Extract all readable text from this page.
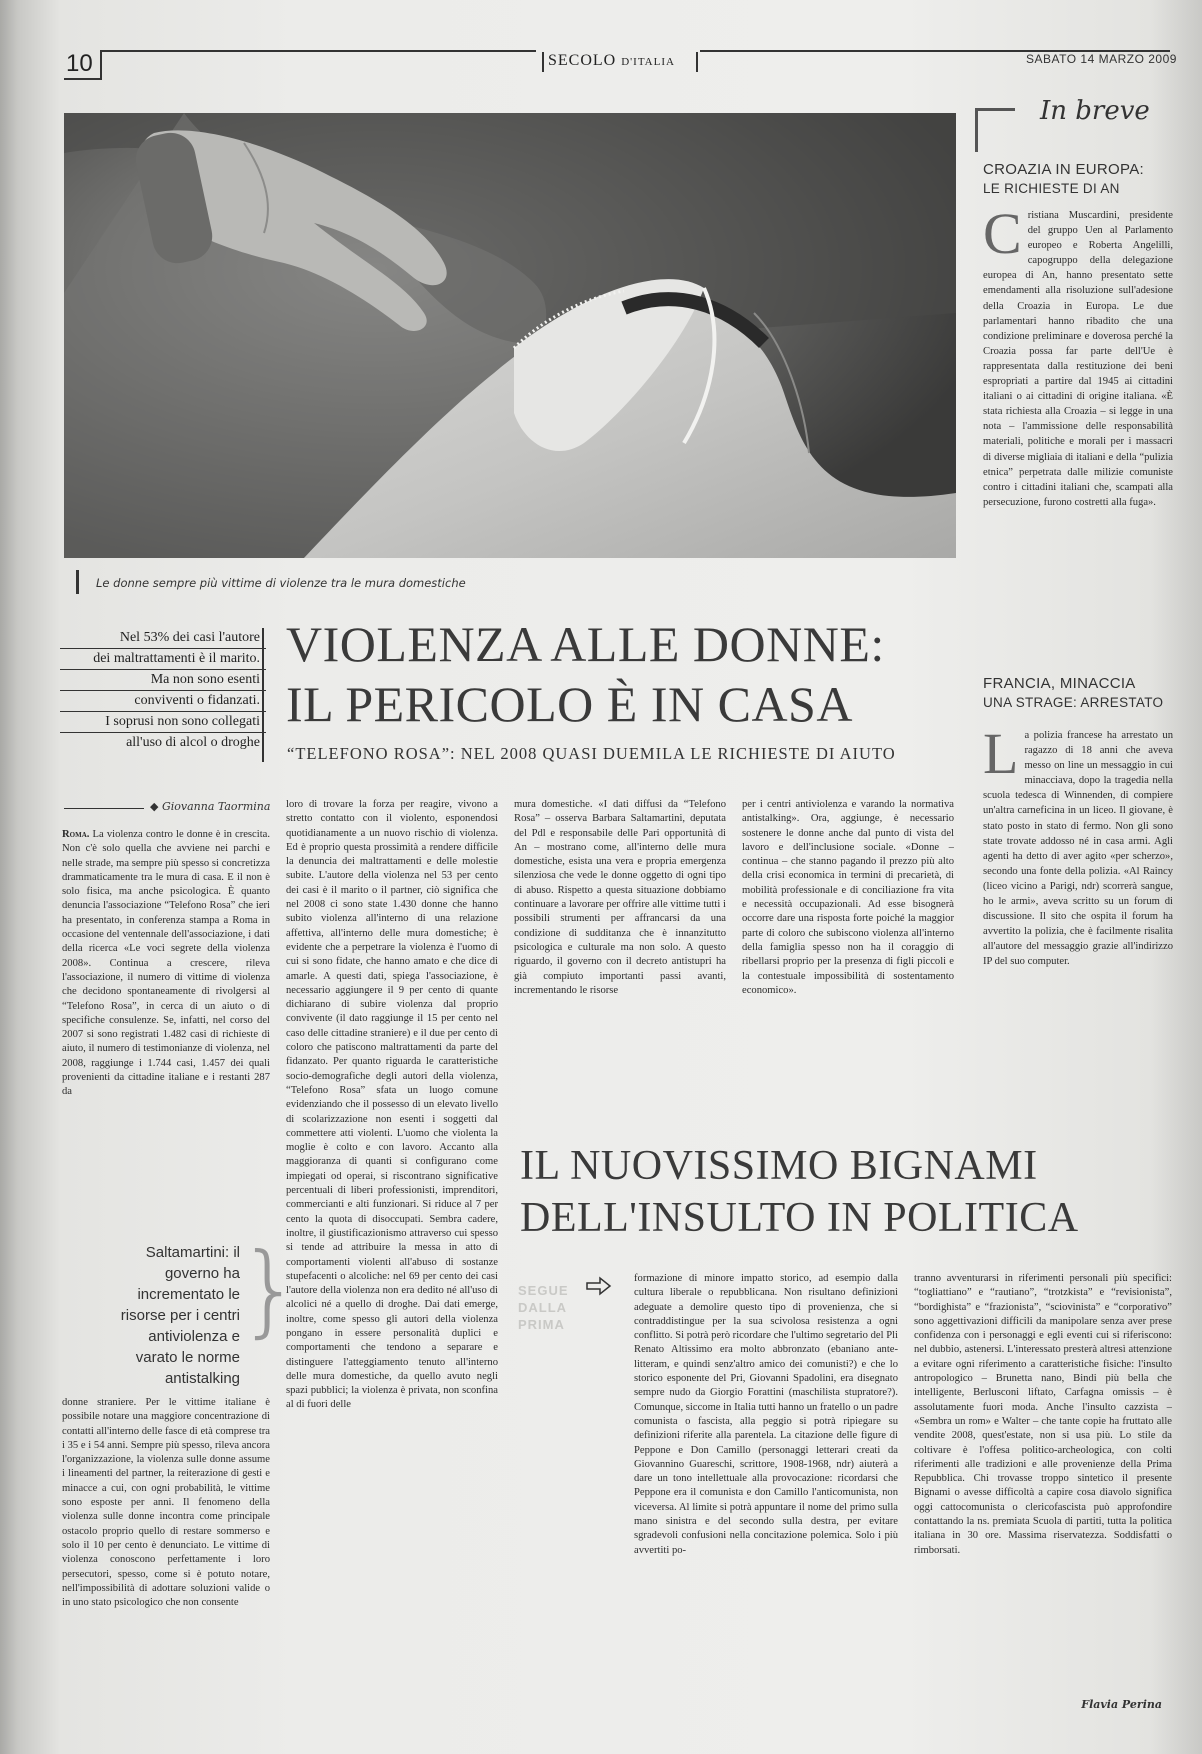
10	SECOLO D'ITALIA	SABATO 14 MARZO 2009
Le donne sempre più vittime di violenze tra le mura domestiche
In breve
CROAZIA IN EUROPA:
LE RICHIESTE DI AN
Cristiana Muscardini, presidente del gruppo Uen al Parlamento europeo e Roberta Angelilli, capogruppo della delegazione europea di An, hanno presentato sette emendamenti alla risoluzione sull'adesione della Croazia in Europa. Le due parlamentari hanno ribadito che una condizione preliminare e doverosa perché la Croazia possa far parte dell'Ue è rappresentata dalla restituzione dei beni espropriati a partire dal 1945 ai cittadini italiani o ai cittadini di origine italiana. «È stata richiesta alla Croazia – si legge in una nota – l'ammissione delle responsabilità materiali, politiche e morali per i massacri di diverse migliaia di italiani e della “pulizia etnica” perpetrata dalle milizie comuniste contro i cittadini italiani che, scampati alla persecuzione, furono costretti alla fuga».
FRANCIA, MINACCIA
UNA STRAGE: ARRESTATO
La polizia francese ha arrestato un ragazzo di 18 anni che aveva messo on line un messaggio in cui minacciava, dopo la tragedia nella scuola tedesca di Winnenden, di compiere un'altra carneficina in un liceo. Il giovane, è stato posto in stato di fermo. Non gli sono state trovate addosso né in casa armi. Agli agenti ha detto di aver agito «per scherzo», secondo una fonte della polizia. «Al Raincy (liceo vicino a Parigi, ndr) scorrerà sangue, ho le armi», aveva scritto su un forum di discussione. Il sito che ospita il forum ha avvertito la polizia, che è facilmente risalita all'autore del messaggio grazie all'indirizzo IP del suo computer.
Nel 53% dei casi l'autore
dei maltrattamenti è il marito.
Ma non sono esenti
conviventi o fidanzati.
I soprusi non sono collegati
all'uso di alcol o droghe
VIOLENZA ALLE DONNE:
IL PERICOLO È IN CASA
“TELEFONO ROSA”: NEL 2008 QUASI DUEMILA LE RICHIESTE DI AIUTO
◆ Giovanna Taormina
Roma. La violenza contro le donne è in crescita. Non c'è solo quella che avviene nei parchi e nelle strade, ma sempre più spesso si concretizza drammaticamente tra le mura di casa. E il non è solo fisica, ma anche psicologica. È quanto denuncia l'associazione “Telefono Rosa” che ieri ha presentato, in conferenza stampa a Roma in occasione del ventennale dell'associazione, i dati della ricerca «Le voci segrete della violenza 2008». Continua a crescere, rileva l'associazione, il numero di vittime di violenza che decidono spontaneamente di rivolgersi al “Telefono Rosa”, in cerca di un aiuto o di specifiche consulenze. Se, infatti, nel corso del 2007 si sono registrati 1.482 casi di richieste di aiuto, il numero di testimonianze di violenza, nel 2008, raggiunge i 1.744 casi, 1.457 dei quali provenienti da cittadine italiane e i restanti 287 da
Saltamartini: il governo ha incrementato le risorse per i centri antiviolenza e varato le norme antistalking
}
donne straniere. Per le vittime italiane è possibile notare una maggiore concentrazione di contatti all'interno delle fasce di età comprese tra i 35 e i 54 anni. Sempre più spesso, rileva ancora l'organizzazione, la violenza sulle donne assume i lineamenti del partner, la reiterazione di gesti e minacce a cui, con ogni probabilità, le vittime sono esposte per anni. Il fenomeno della violenza sulle donne incontra come principale ostacolo proprio quello di restare sommerso e solo il 10 per cento è denunciato. Le vittime di violenza conoscono perfettamente i loro persecutori, spesso, come si è potuto notare, nell'impossibilità di adottare soluzioni valide o in uno stato psicologico che non consente
loro di trovare la forza per reagire, vivono a stretto contatto con il violento, esponendosi quotidianamente a un nuovo rischio di violenza. Ed è proprio questa prossimità a rendere difficile la denuncia dei maltrattamenti e delle molestie subite. L'autore della violenza nel 53 per cento dei casi è il marito o il partner, ciò significa che nel 2008 ci sono state 1.430 donne che hanno subito violenza all'interno di una relazione affettiva, all'interno delle mura domestiche; è evidente che a perpetrare la violenza è l'uomo di cui si sono fidate, che hanno amato e che dice di amarle. A questi dati, spiega l'associazione, è necessario aggiungere il 9 per cento di quante dichiarano di subire violenza dal proprio convivente (il dato raggiunge il 15 per cento nel caso delle cittadine straniere) e il due per cento di coloro che patiscono maltrattamenti da parte del fidanzato. Per quanto riguarda le caratteristiche socio-demografiche degli autori della violenza, “Telefono Rosa” sfata un luogo comune evidenziando che il possesso di un elevato livello di scolarizzazione non esenti i soggetti dal commettere atti violenti. L'uomo che violenta la moglie è colto e con lavoro. Accanto alla maggioranza di quanti si configurano come impiegati od operai, si riscontrano significative percentuali di liberi professionisti, imprenditori, commercianti e alti funzionari. Si riduce al 7 per cento la quota di disoccupati. Sembra cadere, inoltre, il giustificazionismo attraverso cui spesso si tende ad attribuire la messa in atto di comportamenti violenti all'abuso di sostanze stupefacenti o alcoliche: nel 69 per cento dei casi l'autore della violenza non era dedito né all'uso di alcolici né a quello di droghe. Dai dati emerge, inoltre, come spesso gli autori della violenza pongano in essere personalità duplici e comportamenti che tendono a separare e distinguere l'atteggiamento tenuto all'interno delle mura domestiche, da quello avuto negli spazi pubblici; la violenza è privata, non sconfina al di fuori delle
mura domestiche. «I dati diffusi da “Telefono Rosa” – osserva Barbara Saltamartini, deputata del Pdl e responsabile delle Pari opportunità di An – mostrano come, all'interno delle mura domestiche, esista una vera e propria emergenza silenziosa che vede le donne oggetto di ogni tipo di abuso. Rispetto a questa situazione dobbiamo continuare a lavorare per offrire alle vittime tutti i possibili strumenti per affrancarsi da una condizione di sudditanza che è innanzitutto psicologica e culturale ma non solo. A questo riguardo, il governo con il decreto antistupri ha già compiuto importanti passi avanti, incrementando le risorse
per i centri antiviolenza e varando la normativa antistalking». Ora, aggiunge, è necessario sostenere le donne anche dal punto di vista del lavoro e dell'inclusione sociale. «Donne – continua – che stanno pagando il prezzo più alto della crisi economica in termini di precarietà, di mobilità professionale e di conciliazione fra vita e necessità occupazionali. Ad esse bisognerà occorre dare una risposta forte poiché la maggior parte di coloro che subiscono violenza all'interno della famiglia spesso non ha il coraggio di ribellarsi proprio per la presenza di figli piccoli e la contestuale impossibilità di sostentamento economico».
IL NUOVISSIMO BIGNAMI
DELL'INSULTO IN POLITICA
SEGUE
DALLA
PRIMA
formazione di minore impatto storico, ad esempio dalla cultura liberale o repubblicana. Non risultano definizioni adeguate a demolire questo tipo di provenienza, che si contraddistingue per la sua scivolosa resistenza a ogni conflitto. Si potrà però ricordare che l'ultimo segretario del Pli Renato Altissimo era molto abbronzato (ebaniano ante-litteram, e quindi senz'altro amico dei comunisti?) e che lo storico esponente del Pri, Giovanni Spadolini, era disegnato sempre nudo da Giorgio Forattini (maschilista stupratore?). Comunque, siccome in Italia tutti hanno un fratello o un padre comunista o fascista, alla peggio si potrà ripiegare su definizioni riferite alla parentela. La citazione delle figure di Peppone e Don Camillo (personaggi letterari creati da Giovannino Guareschi, scrittore, 1908-1968, ndr) aiuterà a dare un tono intellettuale alla provocazione: ricordarsi che Peppone era il comunista e don Camillo l'anticomunista, non viceversa. Al limite si potrà appuntare il nome del primo sulla mano sinistra e del secondo sulla destra, per evitare sgradevoli confusioni nella concitazione polemica. Solo i più avvertiti po-
tranno avventurarsi in riferimenti personali più specifici: “togliattiano” e “rautiano”, “trotzkista” e “revisionista”, “bordighista” e “frazionista”, “sciovinista” e “corporativo” sono aggettivazioni difficili da manipolare senza aver prese confidenza con i personaggi e egli eventi cui si riferiscono: nel dubbio, astenersi. L'interessato presterà altresì attenzione a evitare ogni riferimento a caratteristiche fisiche: l'insulto antropologico – Brunetta nano, Bindi più bella che intelligente, Berlusconi liftato, Carfagna omissis – è assolutamente fuori moda. Anche l'insulto cazzista – «Sembra un rom» e Walter – che tante copie ha fruttato alle vendite 2008, quest'estate, non si usa più. Lo stile da coltivare è l'offesa politico-archeologica, con colti riferimenti alle tradizioni e alle provenienze della Prima Repubblica. Chi trovasse troppo sintetico il presente Bignami o avesse difficoltà a capire cosa diavolo significa oggi cattocomunista o clericofascista può approfondire contattando la ns. premiata Scuola di partiti, tutta la politica italiana in 30 ore. Massima riservatezza. Soddisfatti o rimborsati.
Flavia Perina
